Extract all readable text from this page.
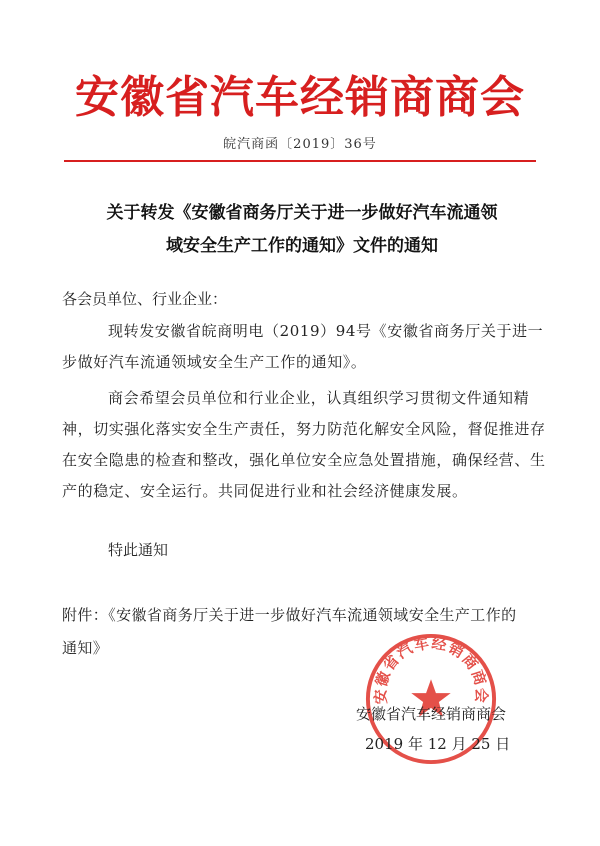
安徽省汽车经销商商会
皖汽商函〔2019〕36号
关于转发《安徽省商务厅关于进一步做好汽车流通领
域安全生产工作的通知》文件的通知
各会员单位、行业企业：
现转发安徽省皖商明电（2019）94号《安徽省商务厅关于进一步做好汽车流通领域安全生产工作的通知》。
商会希望会员单位和行业企业，认真组织学习贯彻文件通知精神，切实强化落实安全生产责任，努力防范化解安全风险，督促推进存在安全隐患的检查和整改，强化单位安全应急处置措施，确保经营、生产的稳定、安全运行。共同促进行业和社会经济健康发展。
特此通知
附件：《安徽省商务厅关于进一步做好汽车流通领域安全生产工作的通知》
安徽省汽车经销商商会
安徽省汽车经销商商会
2019 年 12 月 25 日
